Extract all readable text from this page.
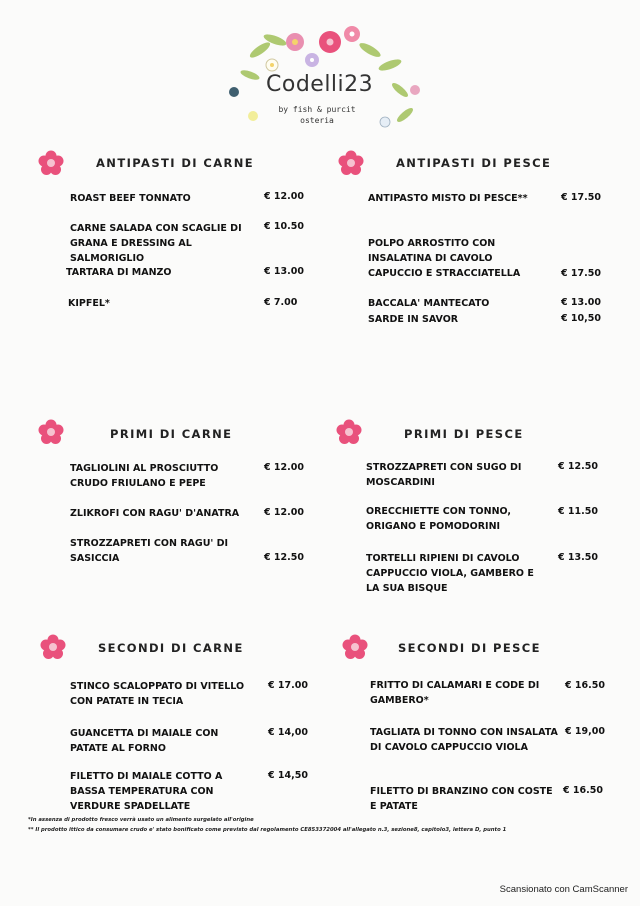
Codelli23
by fish & purcit
osteria
ANTIPASTI DI CARNE
ROAST BEEF TONNATO	€ 12.00
CARNE SALADA CON SCAGLIE DI GRANA E DRESSING AL SALMORIGLIO
€ 10.50
TARTARA DI MANZO	€ 13.00
KIPFEL*	€ 7.00
ANTIPASTI DI PESCE
ANTIPASTO MISTO DI PESCE**	€ 17.50
POLPO ARROSTITO CON INSALATINA DI CAVOLO CAPUCCIO E STRACCIATELLA	€ 17.50
BACCALA' MANTECATO	€ 13.00
SARDE IN SAVOR	€ 10,50
PRIMI DI CARNE
TAGLIOLINI AL PROSCIUTTO CRUDO FRIULANO E PEPE
€ 12.00
ZLIKROFI CON RAGU' D'ANATRA	€ 12.00
STROZZAPRETI CON RAGU' DI SASICCIA	€ 12.50
PRIMI DI PESCE
STROZZAPRETI CON SUGO DI MOSCARDINI
€ 12.50
ORECCHIETTE CON TONNO, ORIGANO E POMODORINI
€ 11.50
TORTELLI RIPIENI DI CAVOLO CAPPUCCIO VIOLA, GAMBERO E LA SUA BISQUE
€ 13.50
SECONDI DI CARNE
STINCO SCALOPPATO DI VITELLO CON PATATE IN TECIA
€ 17.00
GUANCETTA DI MAIALE CON PATATE AL FORNO
€ 14,00
FILETTO DI MAIALE COTTO A BASSA TEMPERATURA CON VERDURE SPADELLATE
€ 14,50
SECONDI DI PESCE
FRITTO DI CALAMARI E CODE DI GAMBERO*
€ 16.50
TAGLIATA DI TONNO CON INSALATA DI CAVOLO CAPPUCCIO VIOLA
€ 19,00
FILETTO DI BRANZINO CON COSTE E PATATE
€ 16.50
*In assenza di prodotto fresco verrà usato un alimento surgelato all'origine
** Il prodotto ittico da consumare crudo e' stato bonificato come previsto dal regolamento CE853372004 all'allegato n.3, sezione8, capitolo3, lettera D, punto 1
Scansionato con CamScanner
